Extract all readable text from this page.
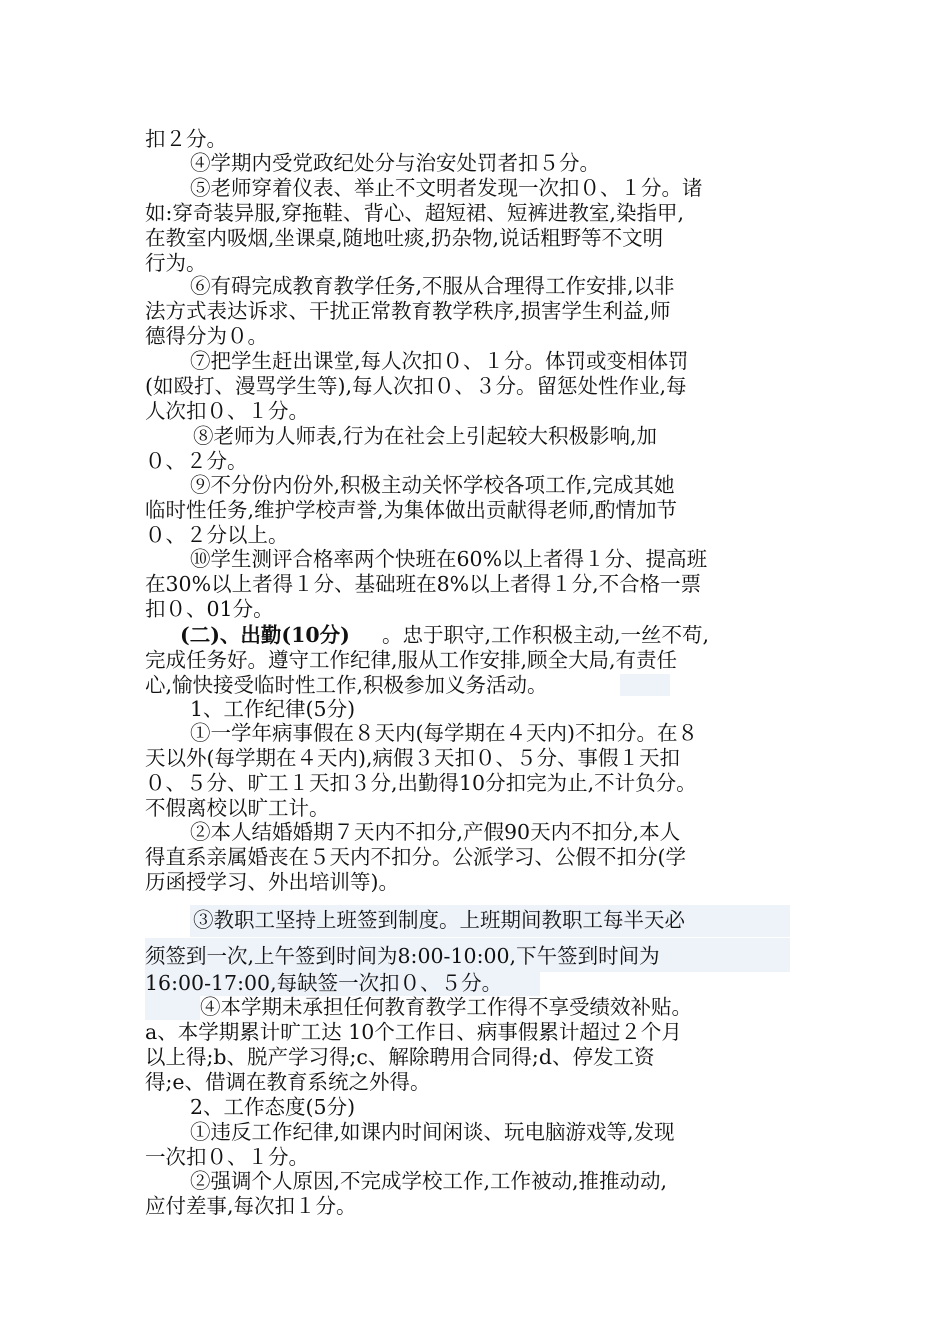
扣２分。
④学期内受党政纪处分与治安处罚者扣５分。
⑤老师穿着仪表、举止不文明者发现一次扣０、１分。诸
如:穿奇装异服,穿拖鞋、背心、超短裙、短裤进教室,染指甲,
在教室内吸烟,坐课桌,随地吐痰,扔杂物,说话粗野等不文明
行为。
⑥有碍完成教育教学任务,不服从合理得工作安排,以非
法方式表达诉求、干扰正常教育教学秩序,损害学生利益,师
德得分为０。
⑦把学生赶出课堂,每人次扣０、１分。体罚或变相体罚
(如殴打、漫骂学生等),每人次扣０、３分。留惩处性作业,每
人次扣０、１分。
⑧老师为人师表,行为在社会上引起较大积极影响,加
０、２分。
⑨不分份内份外,积极主动关怀学校各项工作,完成其她
临时性任务,维护学校声誉,为集体做出贡献得老师,酌情加节
０、２分以上。
⑩学生测评合格率两个快班在60%以上者得１分、提高班
在30%以上者得１分、基础班在8%以上者得１分,不合格一票
扣０、01分。
(二)、出勤(10分) 。忠于职守,工作积极主动,一丝不苟,
完成任务好。遵守工作纪律,服从工作安排,顾全大局,有责任
心,愉快接受临时性工作,积极参加义务活动。
1、工作纪律(5分)
①一学年病事假在８天内(每学期在４天内)不扣分。在８
天以外(每学期在４天内),病假３天扣０、５分、事假１天扣
０、５分、旷工１天扣３分,出勤得10分扣完为止,不计负分。
不假离校以旷工计。
②本人结婚婚期７天内不扣分,产假90天内不扣分,本人
得直系亲属婚丧在５天内不扣分。公派学习、公假不扣分(学
历函授学习、外出培训等)。
③教职工坚持上班签到制度。上班期间教职工每半天必
须签到一次,上午签到时间为8:00-10:00,下午签到时间为
16:00-17:00,每缺签一次扣０、５分。
④本学期未承担任何教育教学工作得不享受绩效补贴。
a、本学期累计旷工达 10个工作日、病事假累计超过２个月
以上得;b、脱产学习得;c、解除聘用合同得;d、停发工资
得;e、借调在教育系统之外得。
2、工作态度(5分)
①违反工作纪律,如课内时间闲谈、玩电脑游戏等,发现
一次扣０、１分。
②强调个人原因,不完成学校工作,工作被动,推推动动,
应付差事,每次扣１分。
